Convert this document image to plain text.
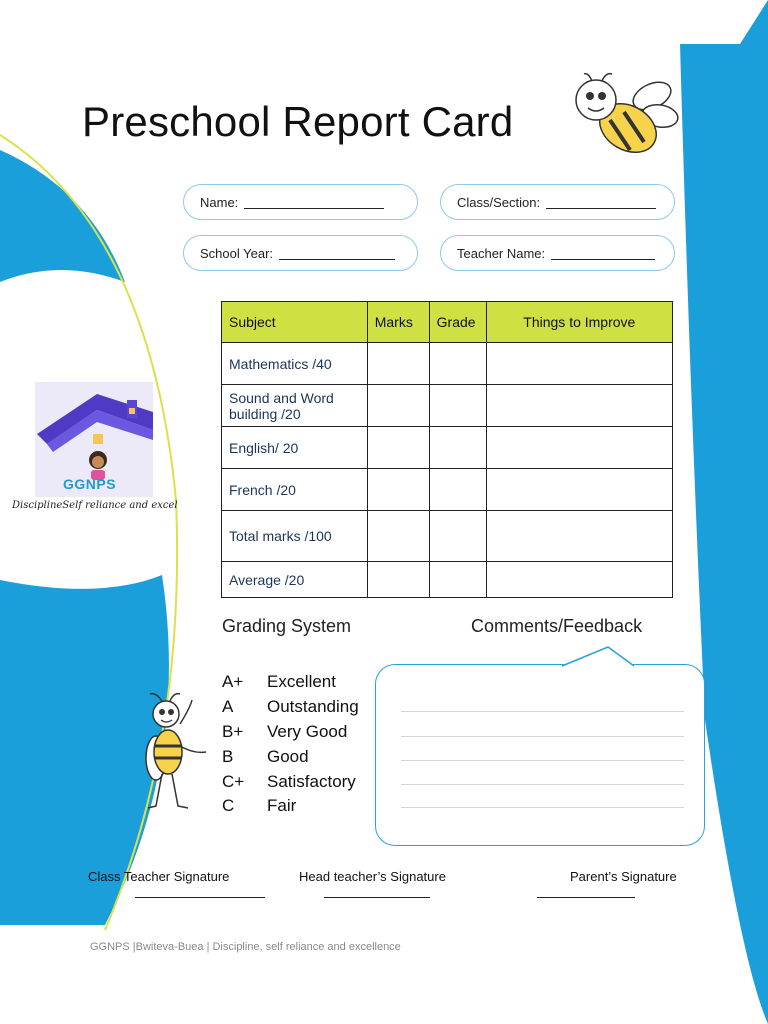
Preschool Report Card
Name:	Class/Section:
School Year:	Teacher Name:
Subject	Marks	Grade	Things to Improve
Mathematics /40			
Sound and Word building /20			
English/ 20			
French /20			
Total marks /100			
Average /20			
GGNPS
DisciplineSelf reliance and excel
Grading System	Comments/Feedback
A+	Excellent
A	Outstanding
B+	Very Good
B	Good
C+	Satisfactory
C	Fair
Class Teacher Signature	Head teacher’s Signature	Parent’s Signature
GGNPS |Bwiteva-Buea | Discipline, self reliance and excellence
